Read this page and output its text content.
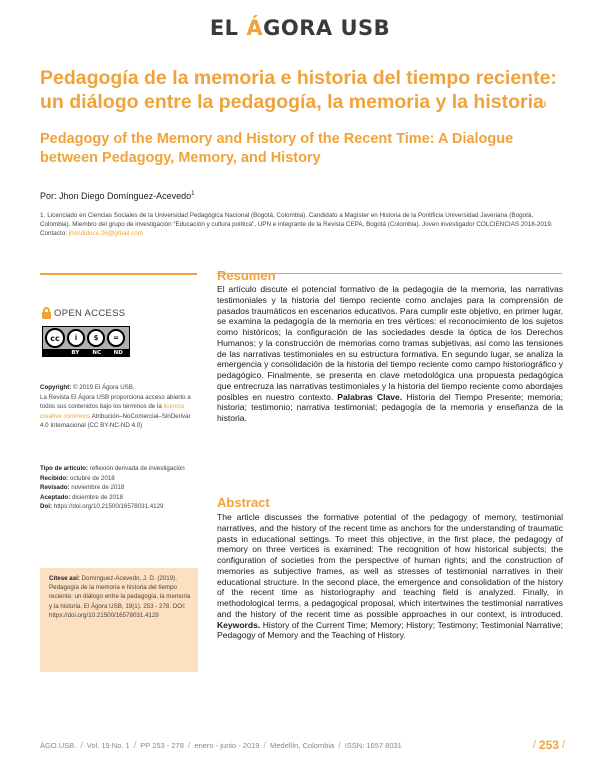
EL ÁGORA USB
Pedagogía de la memoria e historia del tiempo reciente: un diálogo entre la pedagogía, la memoria y la historia$^i$
Pedagogy of the Memory and History of the Recent Time: A Dialogue between Pedagogy, Memory, and History
Por: Jhon Diego Domínguez-Acevedo$^1$
1. Licenciado en Ciencias Sociales de la Universidad Pedagógica Nacional (Bogotá, Colombia). Candidato a Magíster en Historia de la Pontificia Universidad Javeriana (Bogotá, Colombia). Miembro del grupo de investigación “Educación y cultura política”, UPN e integrante de la Revista CEPA, Bogotá (Colombia). Joven investigador COLCIENCIAS 2018-2019. Contacto: jhondiduce.26@gmail.com
OPEN ACCESS
cc	i	$	=
BY	NC	ND
Copyright: © 2019 El Ágora USB.
La Revista El Ágora USB proporciona acceso abierto a todos sus contenidos bajo los términos de la licencia creative commons Atribución–NoComercial–SinDerivar 4.0 Internacional (CC BY-NC-ND 4.0)
Tipo de artículo: reflexión derivada de investigación
Recibido: octubre de 2018
Revisado: noviembre de 2018
Aceptado: diciembre de 2018
Doi: https://doi.org/10.21500/16578031.4129
Cítese así: Domínguez-Acevedo, J. D. (2019). Pedagogía de la memoria e historia del tiempo reciente: un diálogo entre la pedagogía, la memoria y la historia. El Ágora USB, 19(1). 253 - 278. DOI: https://doi.org/10.21500/16578031.4129
Resumen

El artículo discute el potencial formativo de la pedagogía de la memoria, las narrativas testimoniales y la historia del tiempo reciente como anclajes para la comprensión de pasados traumáticos en escenarios educativos. Para cumplir este objetivo, en primer lugar, se examina la pedagogía de la memoria en tres vértices: el reconocimiento de los sujetos como históricos; la configuración de las sociedades desde la óptica de los Derechos Humanos; y la construcción de memorias como tramas subjetivas, así como las tensiones de las narrativas testimoniales en su estructura formativa. En segundo lugar, se analiza la emergencia y consolidación de la historia del tiempo reciente como campo historiográfico y pedagógico. Finalmente, se presenta en clave metodológica una propuesta pedagógica que entrecruza las narrativas testimoniales y la historia del tiempo reciente como abordajes posibles en nuestro contexto. Palabras Clave. Historia del Tiempo Presente; memoria; historia; testimonio; narrativa testimonial; pedagogía de la memoria y enseñanza de la historia.

Abstract

The article discusses the formative potential of the pedagogy of memory, testimonial narratives, and the history of the recent time as anchors for the understanding of traumatic pasts in educational settings. To meet this objective, in the first place, the pedagogy of memory on three vertices is examined: The recognition of how historical subjects; the configuration of societies from the perspective of human rights; and the construction of memories as subjective frames, as well as stresses of testimonial narratives in their educational structure. In the second place, the emergence and consolidation of the history of the recent time as historiography and teaching field is analyzed. Finally, in methodological terms, a pedagogical proposal, which intertwines the testimonial narratives and the history of the recent time as possible approaches in our context, is introduced. Keywords. History of the Current Time; Memory; History; Testimony; Testimonial Narrative; Pedagogy of Memory and the Teaching of History.

ÁGO.USB. / Vol. 19 No. 1 / PP 253 - 278 / enero - junio - 2019 / Medellín, Colombia / ISSN: 1657 8031	/ 253 /
